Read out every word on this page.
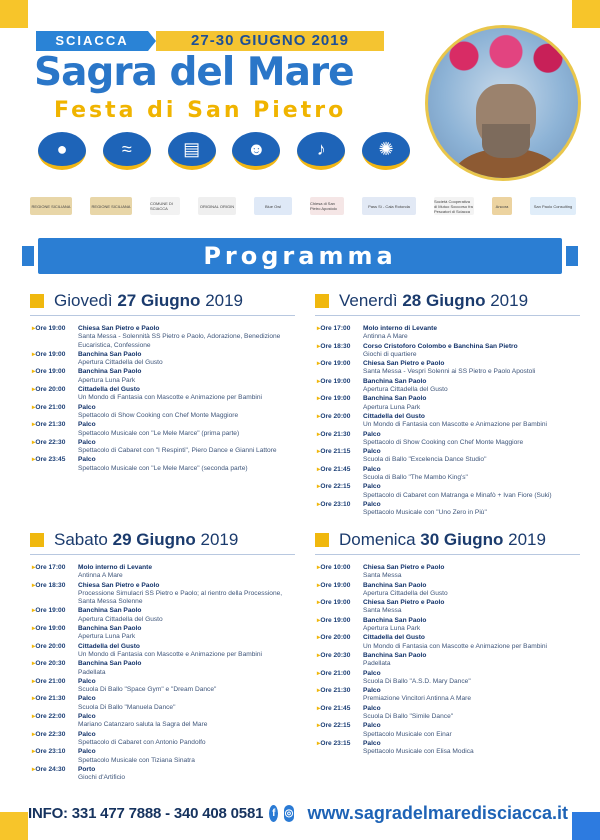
SCIACCA	27-30 GIUGNO 2019
Sagra del Mare
Festa di San Pietro
●	≈	▤	☻	♪	✺
REGIONE SICILIANA	REGIONE SICILIANA	COMUNE DI SCIACCA	ORIGINAL ORIGIN	Blue Owl	Chiesa di San Pietro Apostolo	Pass Sì - Cala Rotonda
Società Cooperativa di Mutuo Soccorso fra Pescatori di Sciacca
Ancora	San Paolo Consulting
Programma
Giovedì 27 Giugno 2019
▸ Ore 19:00	Chiesa San Pietro e Paolo
Santa Messa - Solennità SS Pietro e Paolo, Adorazione, Benedizione Eucaristica, Confessione
▸ Ore 19:00	Banchina San Paolo
Apertura Cittadella del Gusto
▸ Ore 19:00	Banchina San Paolo
Apertura Luna Park
▸ Ore 20:00	Cittadella del Gusto
Un Mondo di Fantasia con Mascotte e Animazione per Bambini
▸ Ore 21:00	Palco
Spettacolo di Show Cooking con Chef Monte Maggiore
▸ Ore 21:30	Palco
Spettacolo Musicale con "Le Mele Marce" (prima parte)
▸ Ore 22:30	Palco
Spettacolo di Cabaret con "I Respinti", Piero Dance e Gianni Lattore
▸ Ore 23:45	Palco
Spettacolo Musicale con "Le Mele Marce" (seconda parte)
Venerdì 28 Giugno 2019
▸ Ore 17:00	Molo interno di Levante
Antinna A Mare
▸ Ore 18:30	Corso Cristoforo Colombo e Banchina San Pietro
Giochi di quartiere
▸ Ore 19:00	Chiesa San Pietro e Paolo
Santa Messa - Vespri Solenni ai SS Pietro e Paolo Apostoli
▸ Ore 19:00	Banchina San Paolo
Apertura Cittadella del Gusto
▸ Ore 19:00	Banchina San Paolo
Apertura Luna Park
▸ Ore 20:00	Cittadella del Gusto
Un Mondo di Fantasia con Mascotte e Animazione per Bambini
▸ Ore 21:30	Palco
Spettacolo di Show Cooking con Chef Monte Maggiore
▸ Ore 21:15	Palco
Scuola di Ballo "Excelencia Dance Studio"
▸ Ore 21:45	Palco
Scuola di Ballo "The Mambo King's"
▸ Ore 22:15	Palco
Spettacolo di Cabaret con Matranga e Minafò + Ivan Fiore (Suki)
▸ Ore 23:10	Palco
Spettacolo Musicale con "Uno Zero in Più"
Sabato 29 Giugno 2019
▸ Ore 17:00	Molo interno di Levante
Antinna A Mare
▸ Ore 18:30	Chiesa San Pietro e Paolo
Processione Simulacri SS Pietro e Paolo; al rientro della Processione, Santa Messa Solenne
▸ Ore 19:00	Banchina San Paolo
Apertura Cittadella del Gusto
▸ Ore 19:00	Banchina San Paolo
Apertura Luna Park
▸ Ore 20:00	Cittadella del Gusto
Un Mondo di Fantasia con Mascotte e Animazione per Bambini
▸ Ore 20:30	Banchina San Paolo
Padellata
▸ Ore 21:00	Palco
Scuola Di Ballo "Space Gym" e "Dream Dance"
▸ Ore 21:30	Palco
Scuola Di Ballo "Manuela Dance"
▸ Ore 22:00	Palco
Mariano Catanzaro saluta la Sagra del Mare
▸ Ore 22:30	Palco
Spettacolo di Cabaret con Antonio Pandolfo
▸ Ore 23:10	Palco
Spettacolo Musicale con Tiziana Sinatra
▸ Ore 24:30	Porto
Giochi d'Artificio
Domenica 30 Giugno 2019
▸ Ore 10:00	Chiesa San Pietro e Paolo
Santa Messa
▸ Ore 19:00	Banchina San Paolo
Apertura Cittadella del Gusto
▸ Ore 19:00	Chiesa San Pietro e Paolo
Santa Messa
▸ Ore 19:00	Banchina San Paolo
Apertura Luna Park
▸ Ore 20:00	Cittadella del Gusto
Un Mondo di Fantasia con Mascotte e Animazione per Bambini
▸ Ore 20:30	Banchina San Paolo
Padellata
▸ Ore 21:00	Palco
Scuola Di Ballo "A.S.D. Mary Dance"
▸ Ore 21:30	Palco
Premiazione Vincitori Antinna A Mare
▸ Ore 21:45	Palco
Scuola Di Ballo "Simile Dance"
▸ Ore 22:15	Palco
Spettacolo Musicale con Einar
▸ Ore 23:15	Palco
Spettacolo Musicale con Elisa Modica
INFO: 331 477 7888 - 340 408 0581 f ◎ www.sagradelmaredisciacca.it
